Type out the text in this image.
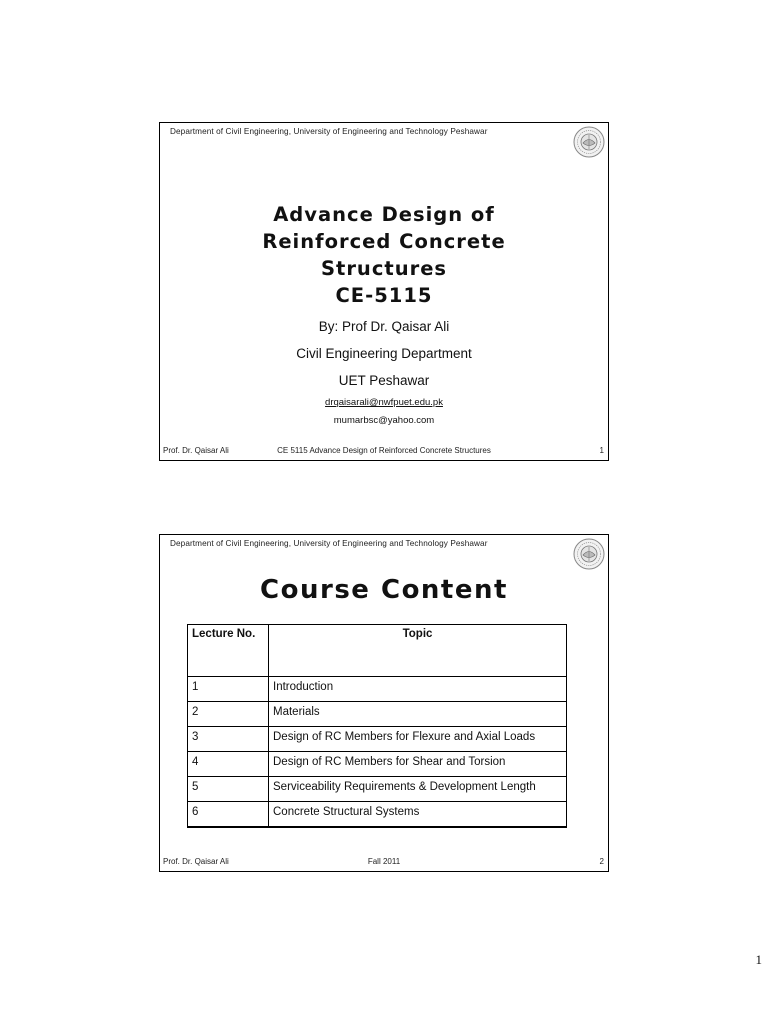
Department of Civil Engineering, University of Engineering and Technology Peshawar
Advance Design of
Reinforced Concrete
Structures
CE-5115
By: Prof Dr. Qaisar Ali
Civil Engineering Department
UET Peshawar
drqaisarali@nwfpuet.edu.pk
mumarbsc@yahoo.com
Prof. Dr. Qaisar Ali	CE 5115 Advance Design of Reinforced Concrete Structures	1
Department of Civil Engineering, University of Engineering and Technology Peshawar
Course Content
Lecture No.	Topic
1	Introduction
2	Materials
3	Design of RC Members for Flexure and Axial Loads
4	Design of RC Members for Shear and Torsion
5	Serviceability Requirements & Development Length
6	Concrete Structural Systems
Prof. Dr. Qaisar Ali	Fall 2011	2
1
